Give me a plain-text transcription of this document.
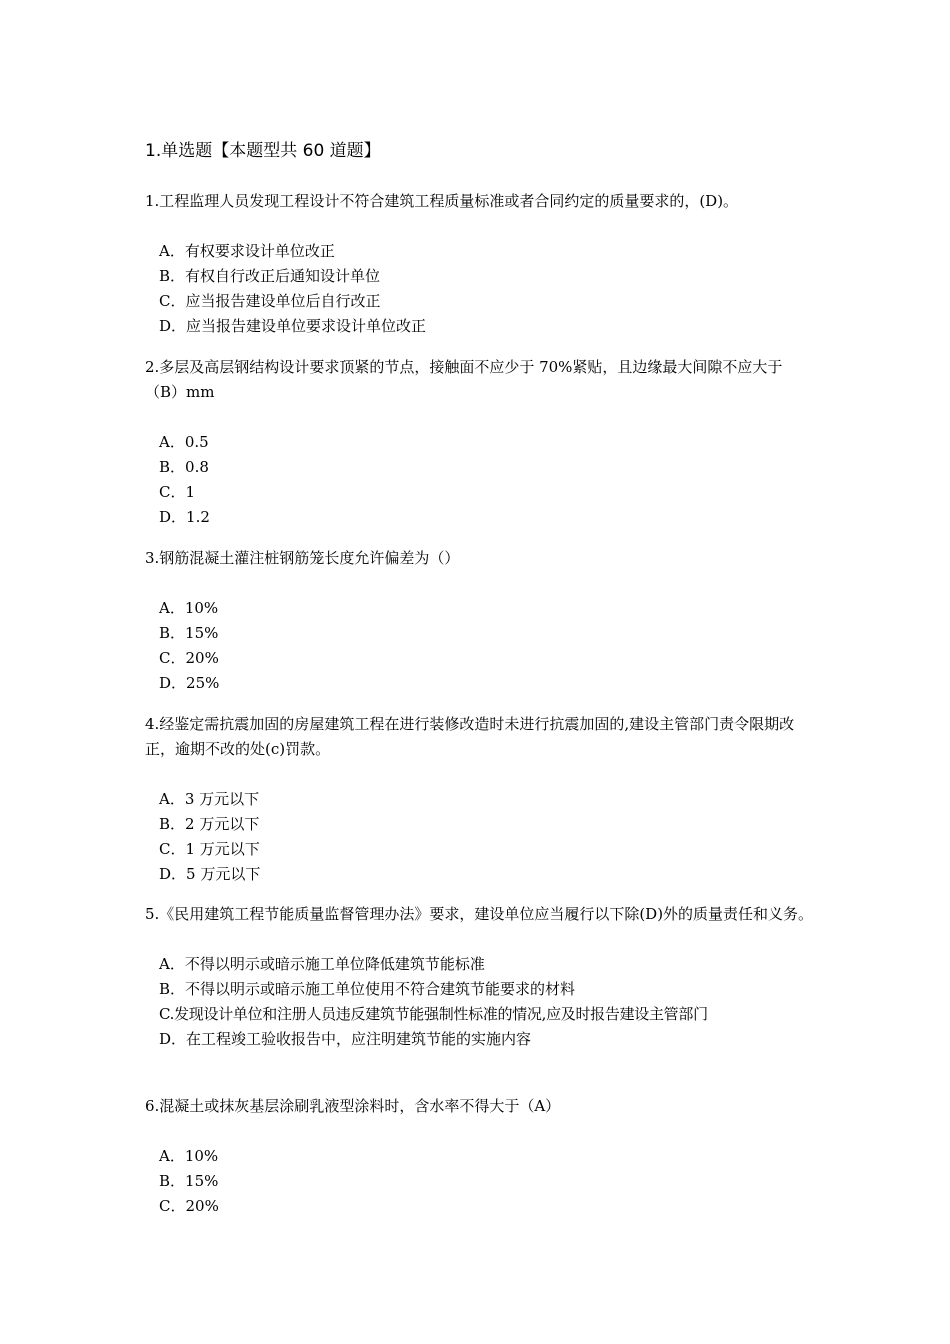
1.单选题【本题型共 60 道题】

1.工程监理人员发现工程设计不符合建筑工程质量标准或者合同约定的质量要求的，(D)。

A．有权要求设计单位改正
B．有权自行改正后通知设计单位
C．应当报告建设单位后自行改正
D．应当报告建设单位要求设计单位改正

2.多层及高层钢结构设计要求顶紧的节点，接触面不应少于 70%紧贴，且边缘最大间隙不应大于（B）mm

A．0.5
B．0.8
C．1
D．1.2

3.钢筋混凝土灌注桩钢筋笼长度允许偏差为（）

A．10%
B．15%
C．20%
D．25%

4.经鉴定需抗震加固的房屋建筑工程在进行装修改造时未进行抗震加固的,建设主管部门责令限期改正，逾期不改的处(c)罚款。

A．3 万元以下
B．2 万元以下
C．1 万元以下
D．5 万元以下

5.《民用建筑工程节能质量监督管理办法》要求，建设单位应当履行以下除(D)外的质量责任和义务。

A．不得以明示或暗示施工单位降低建筑节能标准
B．不得以明示或暗示施工单位使用不符合建筑节能要求的材料
C.发现设计单位和注册人员违反建筑节能强制性标准的情况,应及时报告建设主管部门
D．在工程竣工验收报告中，应注明建筑节能的实施内容

6.混凝土或抹灰基层涂刷乳液型涂料时，含水率不得大于（A）

A．10%
B．15%
C．20%
